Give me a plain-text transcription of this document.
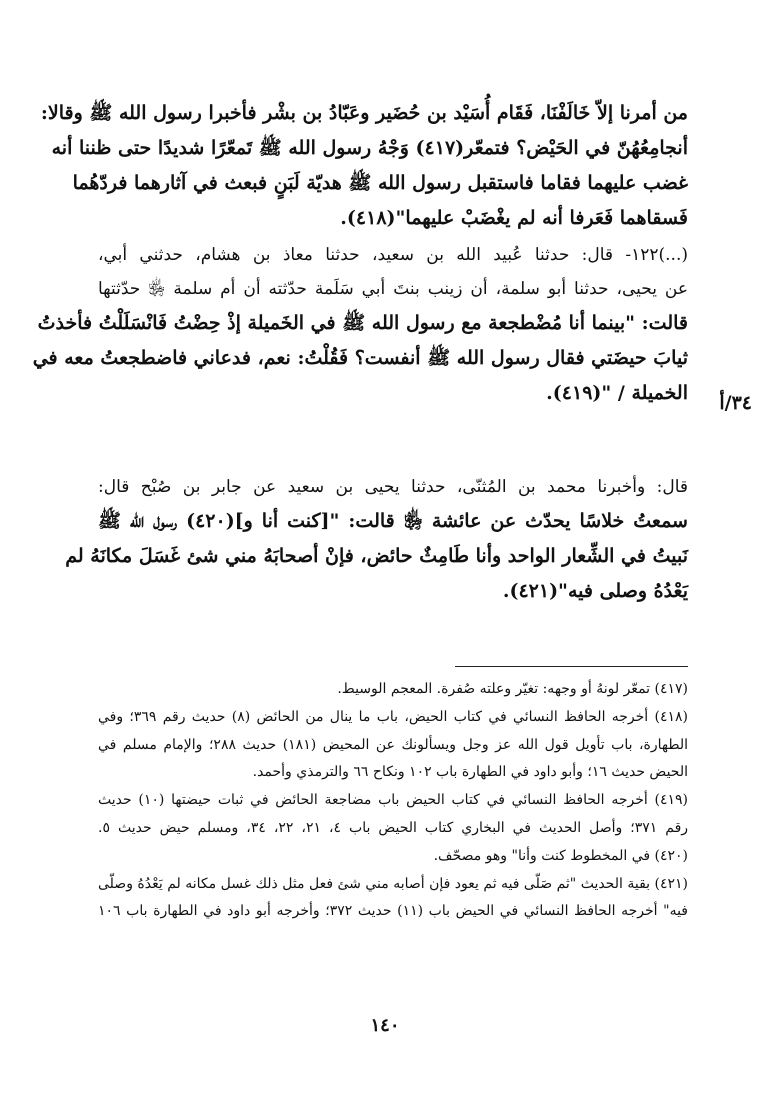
من أمرنا إلاّ خَالَفْنَا، فَقَام أُسَيْد بن حُضَير وعَبّادُ بن بشْر فأخبرا رسول الله ﷺ وقالا:
أنجامِعُهُنّ في الحَيْض؟ فتمعّر(٤١٧) وَجْهُ رسول الله ﷺ تَمعّرًا شديدًا حتى ظننا أنه
غضب عليهما فقاما فاستقبل رسول الله ﷺ هديّة لَبَنٍ فبعث في آثارهما فردّهُما
فَسقاهما فَعَرفا أنه لم يغْضَبْ عليهما"(٤١٨).
(...)١٢٢- قال: حدثنا عُبيد الله بن سعيد، حدثنا معاذ بن هشام، حدثني أبي،
عن يحيى، حدثنا أبو سلمة، أن زينب بنتَ أبي سَلَمة حدّثته أن أم سلمة ﵂ حدّثتها
قالت: "بينما أنا مُضْطجعة مع رسول الله ﷺ في الخَميلة إذْ حِضْتُ فَانْسَلَلْتُ فأخذتُ
ثيابَ حيضَتي فقال رسول الله ﷺ أنفست؟ فَقُلْتُ: نعم، فدعاني فاضطجعتُ معه في
الخميلة / "(٤١٩).	٣٤/أ
قال: وأخبرنا محمد بن المُثنّى، حدثنا يحيى بن سعيد عن جابر بن صُبْح قال:
سمعتُ خلاسًا يحدّث عن عائشة ﵂ قالت: "[كنت أنا و](٤٢٠) رسول الله ﷺ
نَبيتُ في الشِّعار الواحد وأنا طَامِثٌ حائض، فإنْ أصحابَهُ مني شئ غَسَلَ مكانَهُ لم
يَعْدُهُ وصلى فيه"(٤٢١).
(٤١٧) تمعّر لونهُ أو وجهه: تغيّر وعلته صُفرة. المعجم الوسيط.
(٤١٨) أخرجه الحافظ النسائي في كتاب الحيض، باب ما ينال من الحائض (٨) حديث رقم ٣٦٩؛ وفي
الطهارة، باب تأويل قول الله عز وجل ويسألونك عن المحيض (١٨١) حديث ٢٨٨؛ والإمام مسلم في
الحيض حديث ١٦؛ وأبو داود في الطهارة باب ١٠٢ ونكاح ٦٦ والترمذي وأحمد.
(٤١٩) أخرجه الحافظ النسائي في كتاب الحيض باب مضاجعة الحائض في ثبات حيضتها (١٠) حديث
رقم ٣٧١؛ وأصل الحديث في البخاري كتاب الحيض باب ٤، ٢١، ٢٢، ٣٤، ومسلم حيض حديث ٥.
(٤٢٠) في المخطوط كنت وأنا" وهو مصحّف.
(٤٢١) بقية الحديث "ثم صَلّى فيه ثم يعود فإن أصابه مني شئ فعل مثل ذلك غسل مكانه لم يَعْدُهُ وصلّى
فيه" أخرجه الحافظ النسائي في الحيض باب (١١) حديث ٣٧٢؛ وأخرجه أبو داود في الطهارة باب ١٠٦
١٤٠
